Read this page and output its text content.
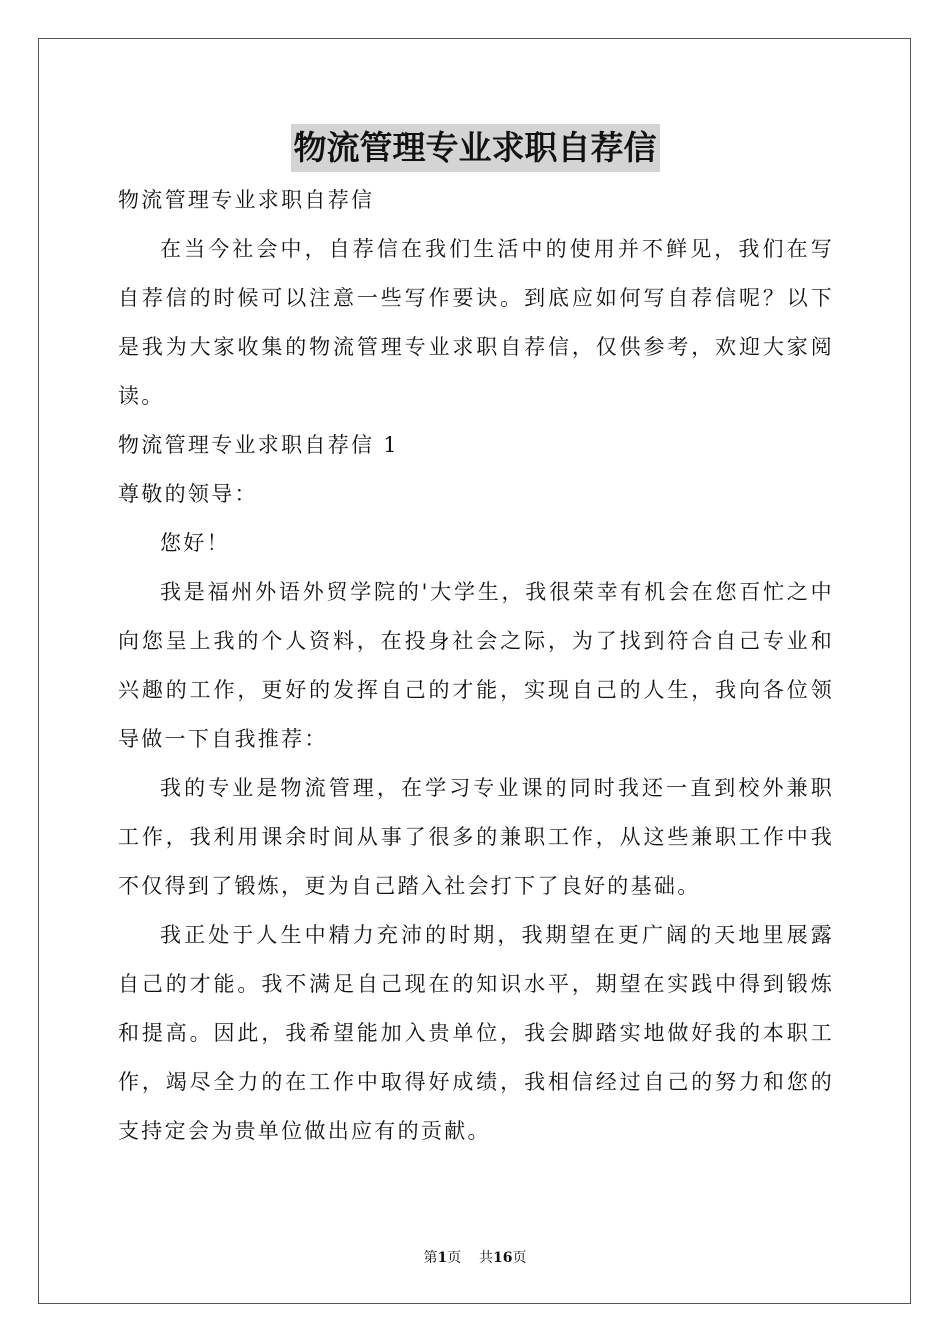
物流管理专业求职自荐信

物流管理专业求职自荐信

在当今社会中，自荐信在我们生活中的使用并不鲜见，我们在写自荐信的时候可以注意一些写作要诀。到底应如何写自荐信呢？以下是我为大家收集的物流管理专业求职自荐信，仅供参考，欢迎大家阅读。

物流管理专业求职自荐信 1

尊敬的领导：

您好！

我是福州外语外贸学院的'大学生，我很荣幸有机会在您百忙之中向您呈上我的个人资料，在投身社会之际，为了找到符合自己专业和兴趣的工作，更好的发挥自己的才能，实现自己的人生，我向各位领导做一下自我推荐：

我的专业是物流管理，在学习专业课的同时我还一直到校外兼职工作，我利用课余时间从事了很多的兼职工作，从这些兼职工作中我不仅得到了锻炼，更为自己踏入社会打下了良好的基础。

我正处于人生中精力充沛的时期，我期望在更广阔的天地里展露自己的才能。我不满足自己现在的知识水平，期望在实践中得到锻炼和提高。因此，我希望能加入贵单位，我会脚踏实地做好我的本职工作，竭尽全力的在工作中取得好成绩，我相信经过自己的努力和您的支持定会为贵单位做出应有的贡献。

第1页 共16页
